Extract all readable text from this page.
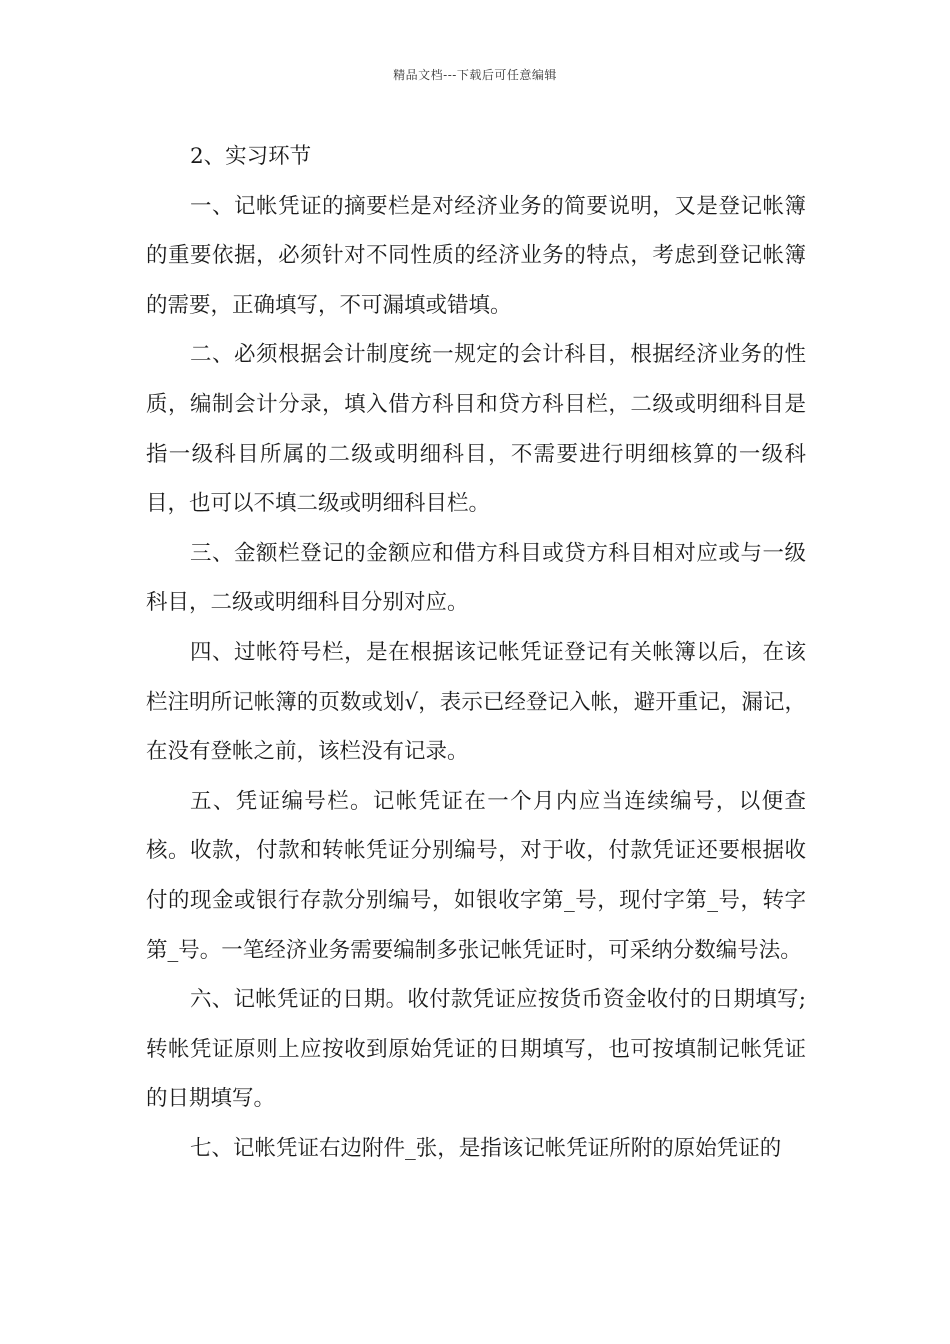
精品文档---下载后可任意编辑

2、实习环节

一、记帐凭证的摘要栏是对经济业务的简要说明，又是登记帐簿的重要依据，必须针对不同性质的经济业务的特点，考虑到登记帐簿的需要，正确填写，不可漏填或错填。

二、必须根据会计制度统一规定的会计科目，根据经济业务的性质，编制会计分录，填入借方科目和贷方科目栏，二级或明细科目是指一级科目所属的二级或明细科目，不需要进行明细核算的一级科目，也可以不填二级或明细科目栏。

三、金额栏登记的金额应和借方科目或贷方科目相对应或与一级科目，二级或明细科目分别对应。

四、过帐符号栏，是在根据该记帐凭证登记有关帐簿以后，在该栏注明所记帐簿的页数或划√，表示已经登记入帐，避开重记，漏记，在没有登帐之前，该栏没有记录。

五、凭证编号栏。记帐凭证在一个月内应当连续编号，以便查核。收款，付款和转帐凭证分别编号，对于收，付款凭证还要根据收付的现金或银行存款分别编号，如银收字第_号，现付字第_号，转字第_号。一笔经济业务需要编制多张记帐凭证时，可采纳分数编号法。

六、记帐凭证的日期。收付款凭证应按货币资金收付的日期填写;转帐凭证原则上应按收到原始凭证的日期填写，也可按填制记帐凭证的日期填写。

七、记帐凭证右边附件_张，是指该记帐凭证所附的原始凭证的
